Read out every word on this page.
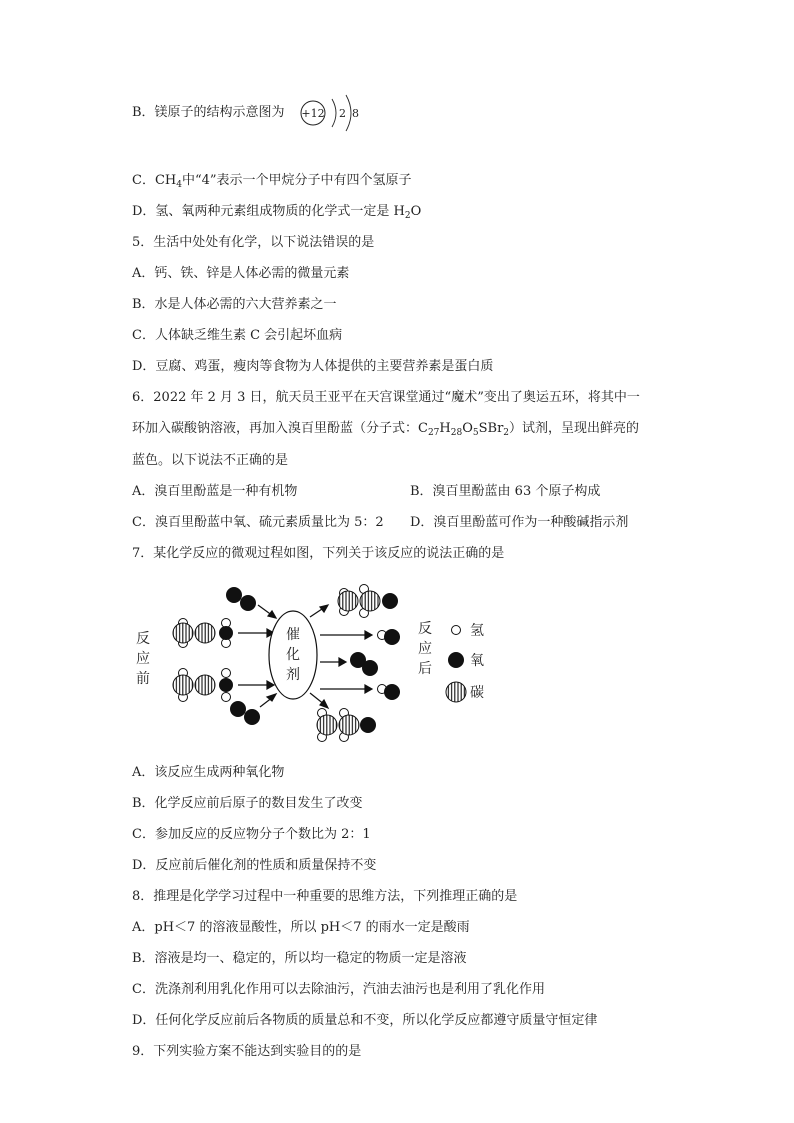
B．镁原子的结构示意图为 +12 2 8
C．$CH_4$中“4”表示一个甲烷分子中有四个氢原子
D．氢、氧两种元素组成物质的化学式一定是 $H_2O$
5．生活中处处有化学，以下说法错误的是
A．钙、铁、锌是人体必需的微量元素
B．水是人体必需的六大营养素之一
C．人体缺乏维生素 C 会引起坏血病
D．豆腐、鸡蛋，瘦肉等食物为人体提供的主要营养素是蛋白质
6．2022 年 2 月 3 日，航天员王亚平在天宫课堂通过“魔术”变出了奥运五环，将其中一
环加入碳酸钠溶液，再加入溴百里酚蓝（分子式：$C_{27}H_{28}O_5SBr_2$）试剂，呈现出鲜亮的
蓝色。以下说法不正确的是
A．溴百里酚蓝是一种有机物	B．溴百里酚蓝由 63 个原子构成
C．溴百里酚蓝中氧、硫元素质量比为 5：2 D．溴百里酚蓝可作为一种酸碱指示剂
7．某化学反应的微观过程如图，下列关于该反应的说法正确的是
反
应
前
催
化
剂
反
应
后
氢
氧
碳
A．该反应生成两种氧化物
B．化学反应前后原子的数目发生了改变
C．参加反应的反应物分子个数比为 2：1
D．反应前后催化剂的性质和质量保持不变
8．推理是化学学习过程中一种重要的思维方法，下列推理正确的是
A．pH＜7 的溶液显酸性，所以 pH＜7 的雨水一定是酸雨
B．溶液是均一、稳定的，所以均一稳定的物质一定是溶液
C．洗涤剂利用乳化作用可以去除油污，汽油去油污也是利用了乳化作用
D．任何化学反应前后各物质的质量总和不变，所以化学反应都遵守质量守恒定律
9．下列实验方案不能达到实验目的的是
